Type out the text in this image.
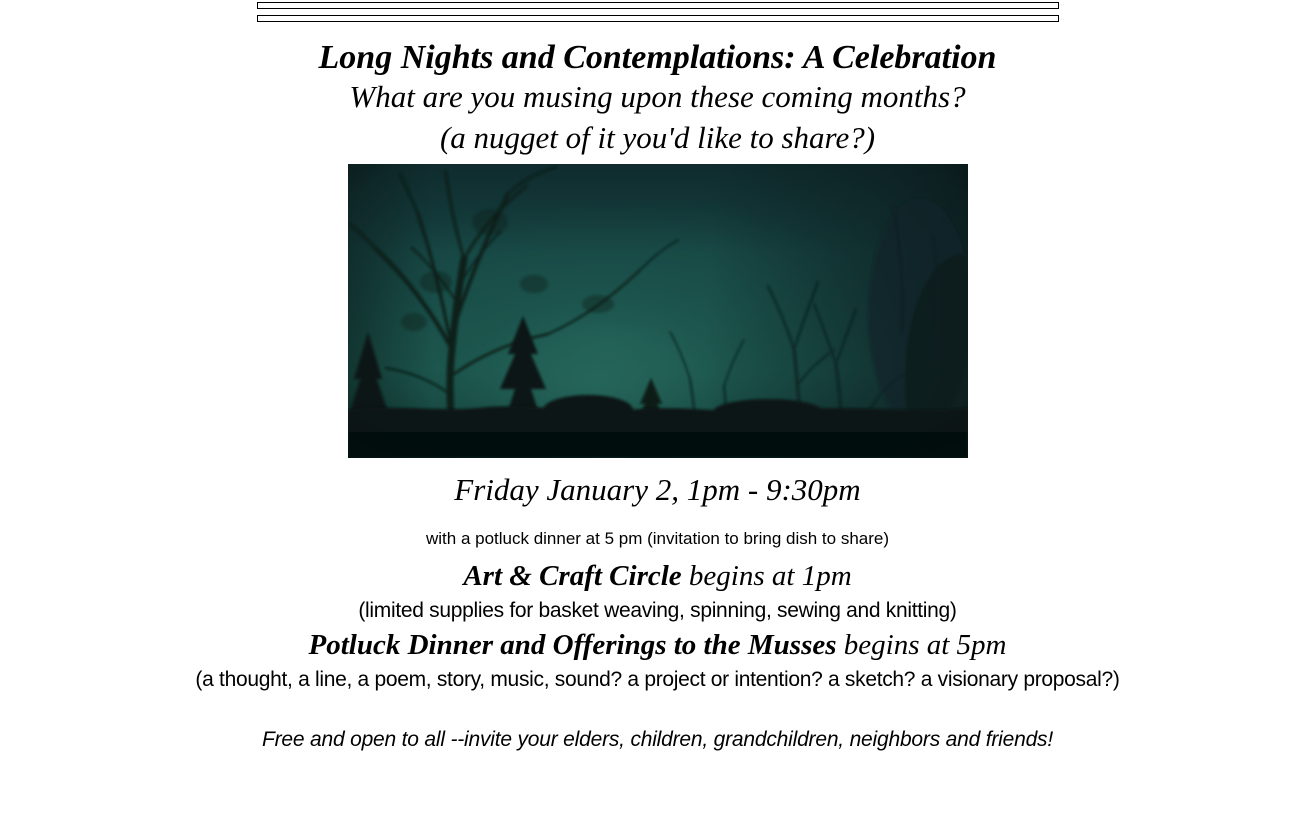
Long Nights and Contemplations: A Celebration
What are you musing upon these coming months?
(a nugget of it you'd like to share?)
Friday January 2, 1pm - 9:30pm
with a potluck dinner at 5 pm (invitation to bring dish to share)
Art & Craft Circle begins at 1pm
(limited supplies for basket weaving, spinning, sewing and knitting)
Potluck Dinner and Offerings to the Musses begins at 5pm
(a thought, a line, a poem, story, music, sound? a project or intention? a sketch? a visionary proposal?)
Free and open to all --invite your elders, children, grandchildren, neighbors and friends!
